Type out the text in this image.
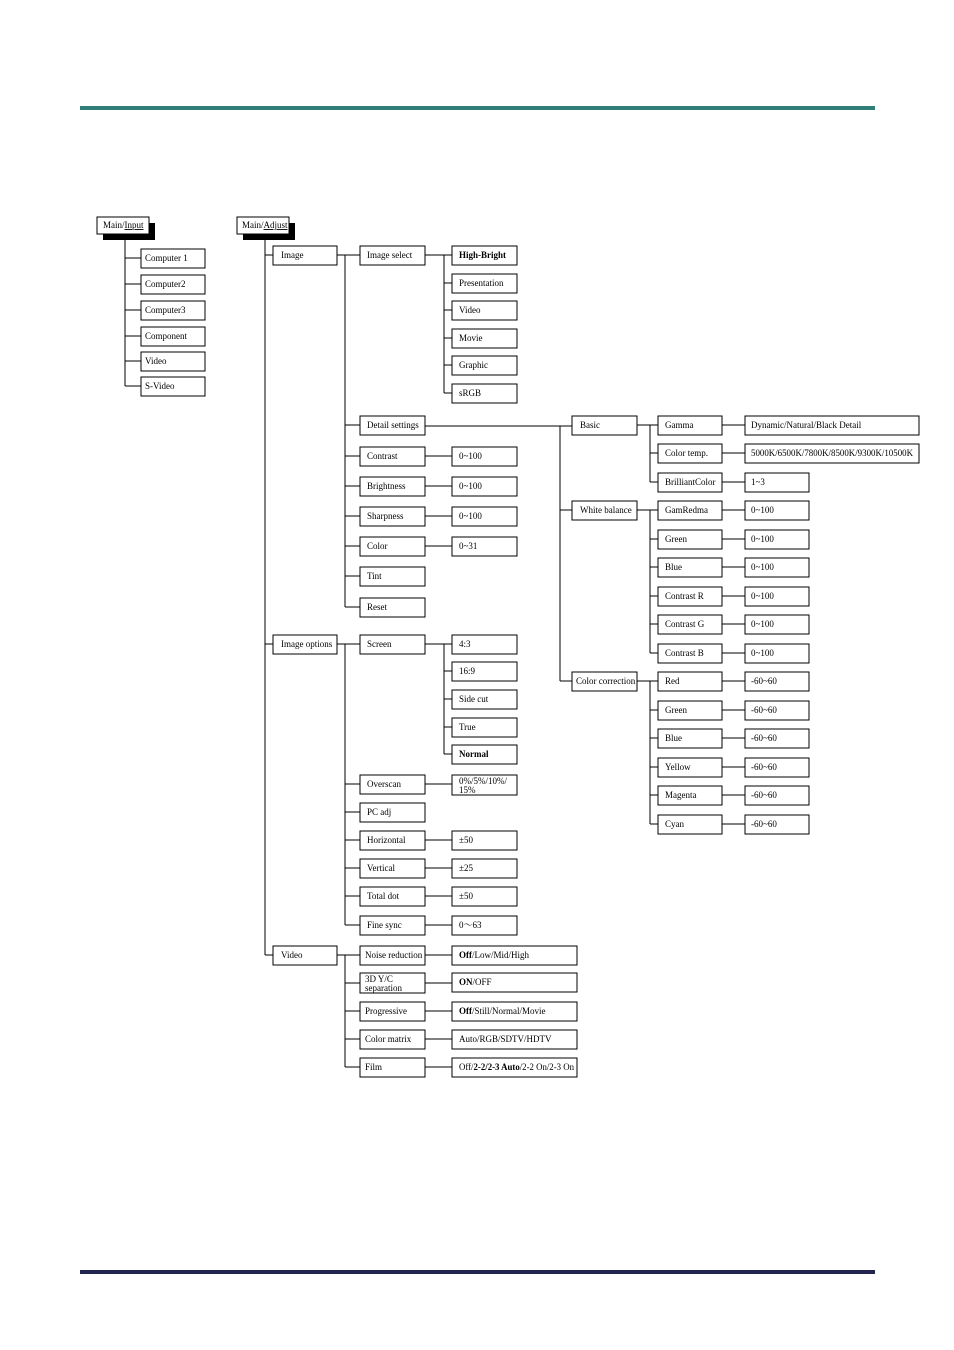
Main/Input	Main/Adjust
Computer 1
Computer2
Computer3
Component
Video
S-Video
Image
Image options
Video
Image select
Detail settings
Contrast
Brightness
Sharpness
Color
Tint
Reset
High-Bright
Presentation
Video
Movie
Graphic
sRGB
0~100
0~100
0~100
0~31
Basic
White balance
Color correction
Gamma	Dynamic/Natural/Black Detail
Color temp.	5000K/6500K/7800K/8500K/9300K/10500K
BrilliantColor	1~3
GamRedma	0~100
Green	0~100
Blue	0~100
Contrast R	0~100
Contrast G	0~100
Contrast B	0~100
Red	-60~60
Green	-60~60
Blue	-60~60
Yellow	-60~60
Magenta	-60~60
Cyan	-60~60
Screen
Overscan
PC adj
Horizontal
Vertical
Total dot
Fine sync
4:3
16:9
Side cut
True
Normal
0%/5%/10%/
15%
±50
±25
±50
0～63
Noise reduction
3D Y/C
separation
Progressive
Color matrix
Film
Off/Low/Mid/High
ON/OFF
Off/Still/Normal/Movie
Auto/RGB/SDTV/HDTV
Off/2-2/2-3 Auto/2-2 On/2-3 On
